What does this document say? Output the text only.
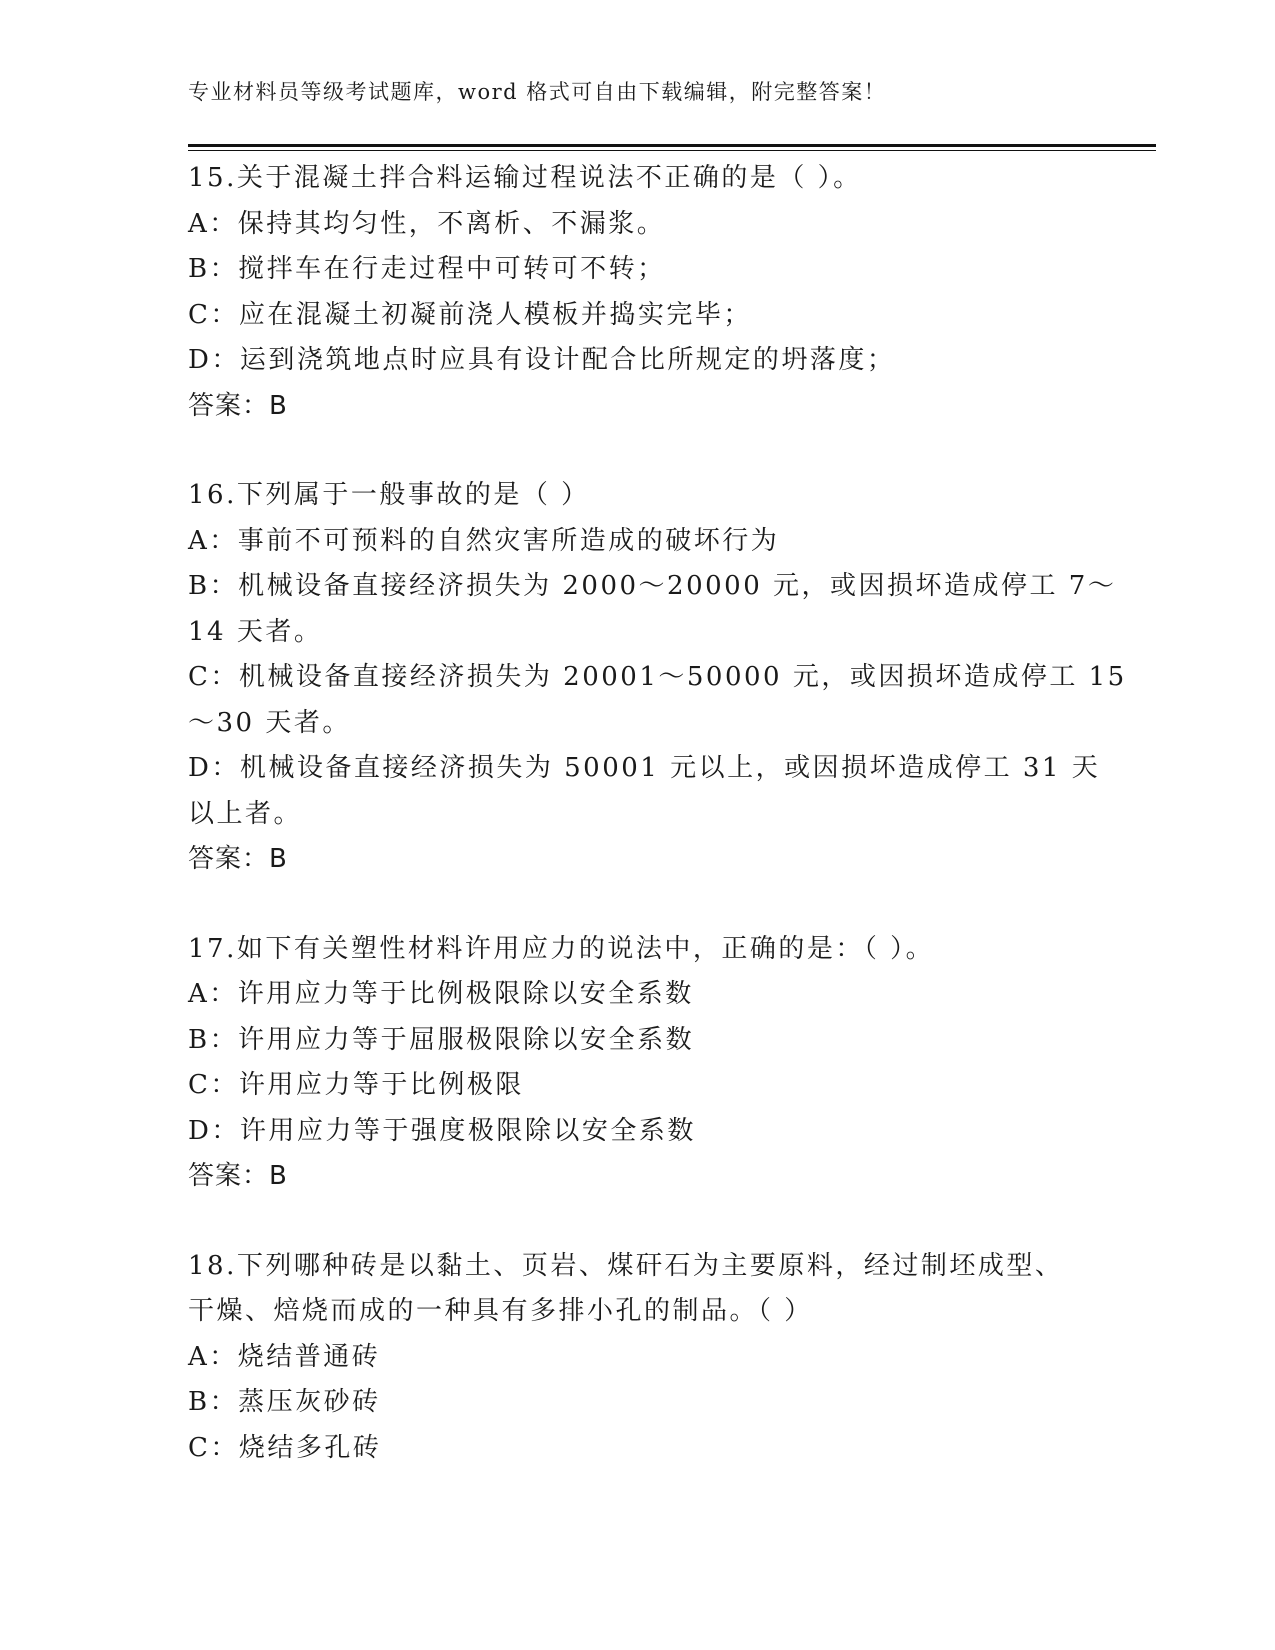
专业材料员等级考试题库，word 格式可自由下载编辑，附完整答案！
15.关于混凝土拌合料运输过程说法不正确的是（ ）。
A：保持其均匀性，不离析、不漏浆。
B：搅拌车在行走过程中可转可不转；
C：应在混凝土初凝前浇人模板并捣实完毕；
D：运到浇筑地点时应具有设计配合比所规定的坍落度；
答案：B
16.下列属于一般事故的是（ ）
A：事前不可预料的自然灾害所造成的破坏行为
B：机械设备直接经济损失为 2000～20000 元，或因损坏造成停工 7～
14 天者。
C：机械设备直接经济损失为 20001～50000 元，或因损坏造成停工 15
～30 天者。
D：机械设备直接经济损失为 50001 元以上，或因损坏造成停工 31 天
以上者。
答案：B
17.如下有关塑性材料许用应力的说法中，正确的是：（ ）。
A：许用应力等于比例极限除以安全系数
B：许用应力等于屈服极限除以安全系数
C：许用应力等于比例极限
D：许用应力等于强度极限除以安全系数
答案：B
18.下列哪种砖是以黏土、页岩、煤矸石为主要原料，经过制坯成型、
干燥、焙烧而成的一种具有多排小孔的制品。（ ）
A：烧结普通砖
B：蒸压灰砂砖
C：烧结多孔砖
